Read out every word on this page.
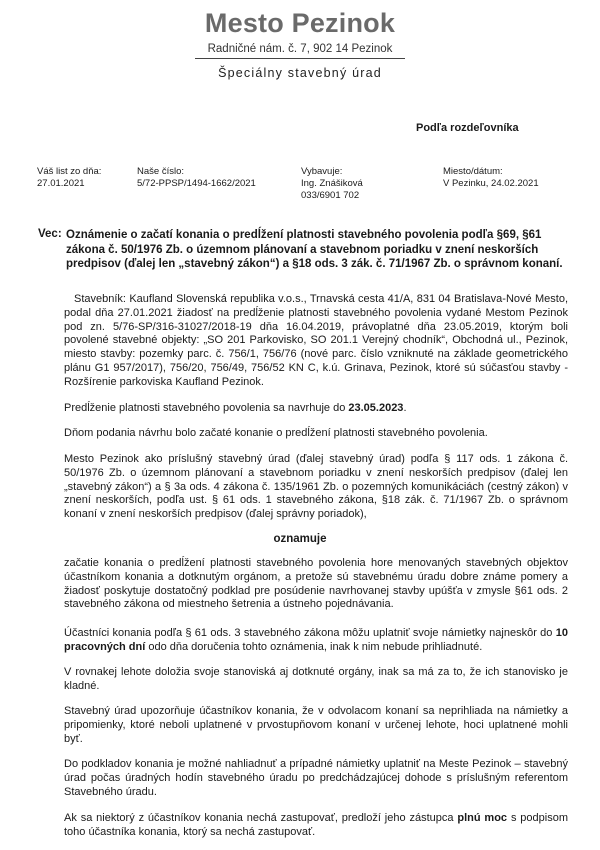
Mesto Pezinok
Radničné nám. č. 7, 902 14 Pezinok
Špeciálny stavebný úrad
Podľa rozdeľovníka
Váš list zo dňa:
27.01.2021
Naše číslo:
5/72-PPSP/1494-1662/2021
Vybavuje:
Ing. Znášiková
033/6901 702
Miesto/dátum:
V Pezinku, 24.02.2021
Vec: Oznámenie o začatí konania o predĺžení platnosti stavebného povolenia podľa §69, §61 zákona č. 50/1976 Zb. o územnom plánovaní a stavebnom poriadku v znení neskorších predpisov (ďalej len „stavebný zákon“) a §18 ods. 3 zák. č. 71/1967 Zb. o správnom konaní.
Stavebník: Kaufland Slovenská republika v.o.s., Trnavská cesta 41/A, 831 04 Bratislava-Nové Mesto, podal dňa 27.01.2021 žiadosť na predĺženie platnosti stavebného povolenia vydané Mestom Pezinok pod zn. 5/76-SP/316-31027/2018-19 dňa 16.04.2019, právoplatné dňa 23.05.2019, ktorým boli povolené stavebné objekty: „SO 201 Parkovisko, SO 201.1 Verejný chodník“, Obchodná ul., Pezinok, miesto stavby: pozemky parc. č. 756/1, 756/76 (nové parc. číslo vzniknuté na základe geometrického plánu G1 957/2017), 756/20, 756/49, 756/52 KN C, k.ú. Grinava, Pezinok, ktoré sú súčasťou stavby - Rozšírenie parkoviska Kaufland Pezinok.
Predĺženie platnosti stavebného povolenia sa navrhuje do 23.05.2023.
Dňom podania návrhu bolo začaté konanie o predĺžení platnosti stavebného povolenia.
Mesto Pezinok ako príslušný stavebný úrad (ďalej stavebný úrad) podľa § 117 ods. 1 zákona č. 50/1976 Zb. o územnom plánovaní a stavebnom poriadku v znení neskorších predpisov (ďalej len „stavebný zákon“) a § 3a ods. 4 zákona č. 135/1961 Zb. o pozemných komunikáciách (cestný zákon) v znení neskorších, podľa ust. § 61 ods. 1 stavebného zákona, §18 zák. č. 71/1967 Zb. o správnom konaní v znení neskorších predpisov (ďalej správny poriadok),
oznamuje
začatie konania o predĺžení platnosti stavebného povolenia hore menovaných stavebných objektov účastníkom konania a dotknutým orgánom, a pretože sú stavebnému úradu dobre známe pomery a žiadosť poskytuje dostatočný podklad pre posúdenie navrhovanej stavby upúšťa v zmysle §61 ods. 2 stavebného zákona od miestneho šetrenia a ústneho pojednávania.
Účastníci konania podľa § 61 ods. 3 stavebného zákona môžu uplatniť svoje námietky najneskôr do 10 pracovných dní odo dňa doručenia tohto oznámenia, inak k nim nebude prihliadnuté.
V rovnakej lehote doložia svoje stanoviská aj dotknuté orgány, inak sa má za to, že ich stanovisko je kladné.
Stavebný úrad upozorňuje účastníkov konania, že v odvolacom konaní sa neprihliada na námietky a pripomienky, ktoré neboli uplatnené v prvostupňovom konaní v určenej lehote, hoci uplatnené mohli byť.
Do podkladov konania je možné nahliadnuť a prípadné námietky uplatniť na Meste Pezinok – stavebný úrad počas úradných hodín stavebného úradu po predchádzajúcej dohode s príslušným referentom Stavebného úradu.
Ak sa niektorý z účastníkov konania nechá zastupovať, predloží jeho zástupca plnú moc s podpisom toho účastníka konania, ktorý sa nechá zastupovať.
